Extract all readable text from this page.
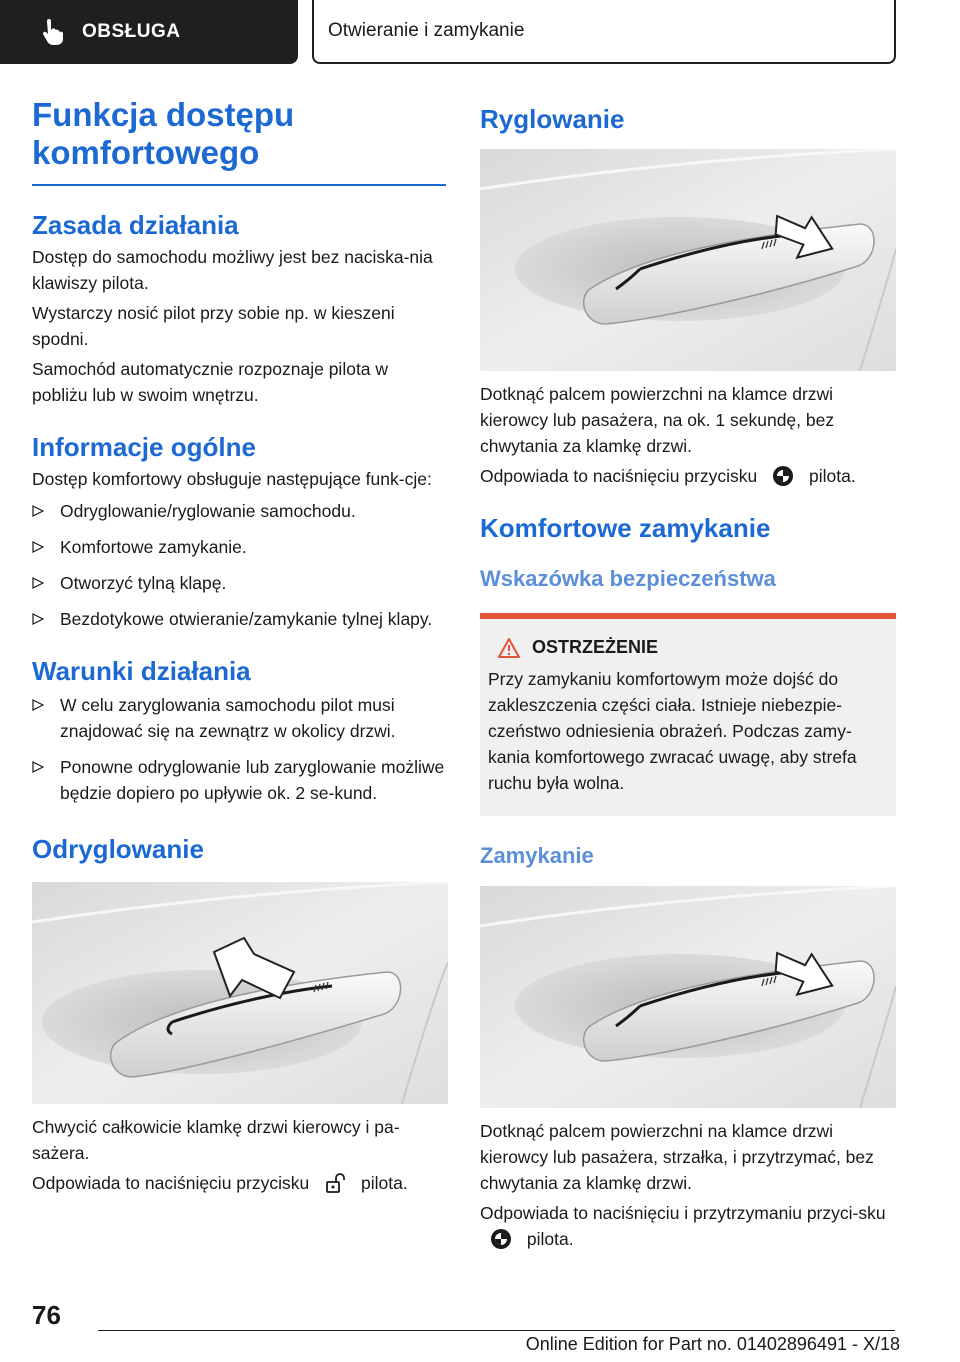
OBSŁUGA	Otwieranie i zamykanie
Funkcja dostępu komfortowego
Zasada działania

Dostęp do samochodu możliwy jest bez naciska-nia klawiszy pilota.

Wystarczy nosić pilot przy sobie np. w kieszeni spodni.

Samochód automatycznie rozpoznaje pilota w pobliżu lub w swoim wnętrzu.

Informacje ogólne

Dostęp komfortowy obsługuje następujące funk-cje:

Odryglowanie/ryglowanie samochodu.
Komfortowe zamykanie.
Otworzyć tylną klapę.
Bezdotykowe otwieranie/zamykanie tylnej klapy.
Warunki działania
W celu zaryglowania samochodu pilot musi znajdować się na zewnątrz w okolicy drzwi.
Ponowne odryglowanie lub zaryglowanie możliwe będzie dopiero po upływie ok. 2 se-kund.
Odryglowanie

Chwycić całkowicie klamkę drzwi kierowcy i pa-sażera.

Odpowiada to naciśnięciu przycisku	pilota.

Ryglowanie

Dotknąć palcem powierzchni na klamce drzwi kierowcy lub pasażera, na ok. 1 sekundę, bez chwytania za klamkę drzwi.

Odpowiada to naciśnięciu przycisku	pilota.

Komfortowe zamykanie
Wskazówka bezpieczeństwa
OSTRZEŻENIE

Przy zamykaniu komfortowym może dojść do zakleszczenia części ciała. Istnieje niebezpie-czeństwo odniesienia obrażeń. Podczas zamy-kania komfortowego zwracać uwagę, aby strefa ruchu była wolna.

Zamykanie

Dotknąć palcem powierzchni na klamce drzwi kierowcy lub pasażera, strzałka, i przytrzymać, bez chwytania za klamkę drzwi.

Odpowiada to naciśnięciu i przytrzymaniu przyci-sku  pilota.

76
Online Edition for Part no. 01402896491 - X/18
